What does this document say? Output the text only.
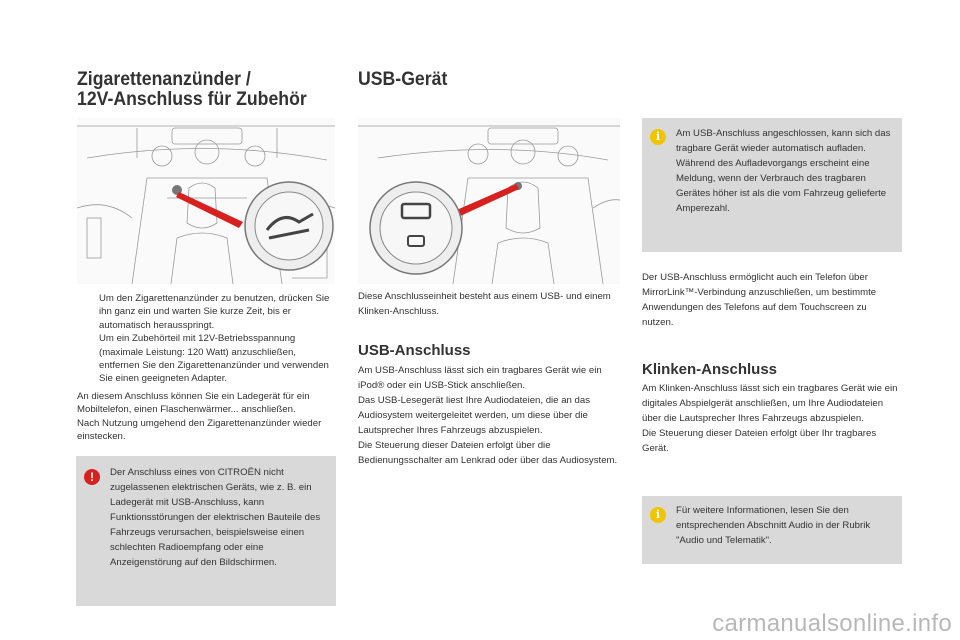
Zigarettenanzünder /
12V-Anschluss für Zubehör
Um den Zigarettenanzünder zu benutzen, drücken Sie ihn ganz ein und warten Sie kurze Zeit, bis er automatisch herausspringt.
Um ein Zubehörteil mit 12V-Betriebsspannung (maximale Leistung: 120 Watt) anzuschließen, entfernen Sie den Zigarettenanzünder und verwenden Sie einen geeigneten Adapter.

An diesem Anschluss können Sie ein Ladegerät für ein Mobiltelefon, einen Flaschenwärmer... anschließen.

Nach Nutzung umgehend den Zigarettenanzünder wieder einstecken.

!	Der Anschluss eines von CITROËN nicht zugelassenen elektrischen Geräts, wie z. B. ein Ladegerät mit USB-Anschluss, kann Funktionsstörungen der elektrischen Bauteile des Fahrzeugs verursachen, beispielsweise einen schlechten Radioempfang oder eine Anzeigenstörung auf den Bildschirmen.
USB-Gerät
Diese Anschlusseinheit besteht aus einem USB- und einem Klinken-Anschluss.
USB-Anschluss

Am USB-Anschluss lässt sich ein tragbares Gerät wie ein iPod® oder ein USB-Stick anschließen.

Das USB-Lesegerät liest Ihre Audiodateien, die an das Audiosystem weitergeleitet werden, um diese über die Lautsprecher Ihres Fahrzeugs abzuspielen.

Die Steuerung dieser Dateien erfolgt über die Bedienungsschalter am Lenkrad oder über das Audiosystem.

i	Am USB-Anschluss angeschlossen, kann sich das tragbare Gerät wieder automatisch aufladen.

Während des Aufladevorgangs erscheint eine Meldung, wenn der Verbrauch des tragbaren Gerätes höher ist als die vom Fahrzeug gelieferte Amperezahl.

Der USB-Anschluss ermöglicht auch ein Telefon über MirrorLink™-Verbindung anzuschließen, um bestimmte Anwendungen des Telefons auf dem Touchscreen zu nutzen.
Klinken-Anschluss

Am Klinken-Anschluss lässt sich ein tragbares Gerät wie ein digitales Abspielgerät anschließen, um Ihre Audiodateien über die Lautsprecher Ihres Fahrzeugs abzuspielen.

Die Steuerung dieser Dateien erfolgt über Ihr tragbares Gerät.

i	Für weitere Informationen, lesen Sie den entsprechenden Abschnitt Audio in der Rubrik "Audio und Telematik".
carmanualsonline.info
